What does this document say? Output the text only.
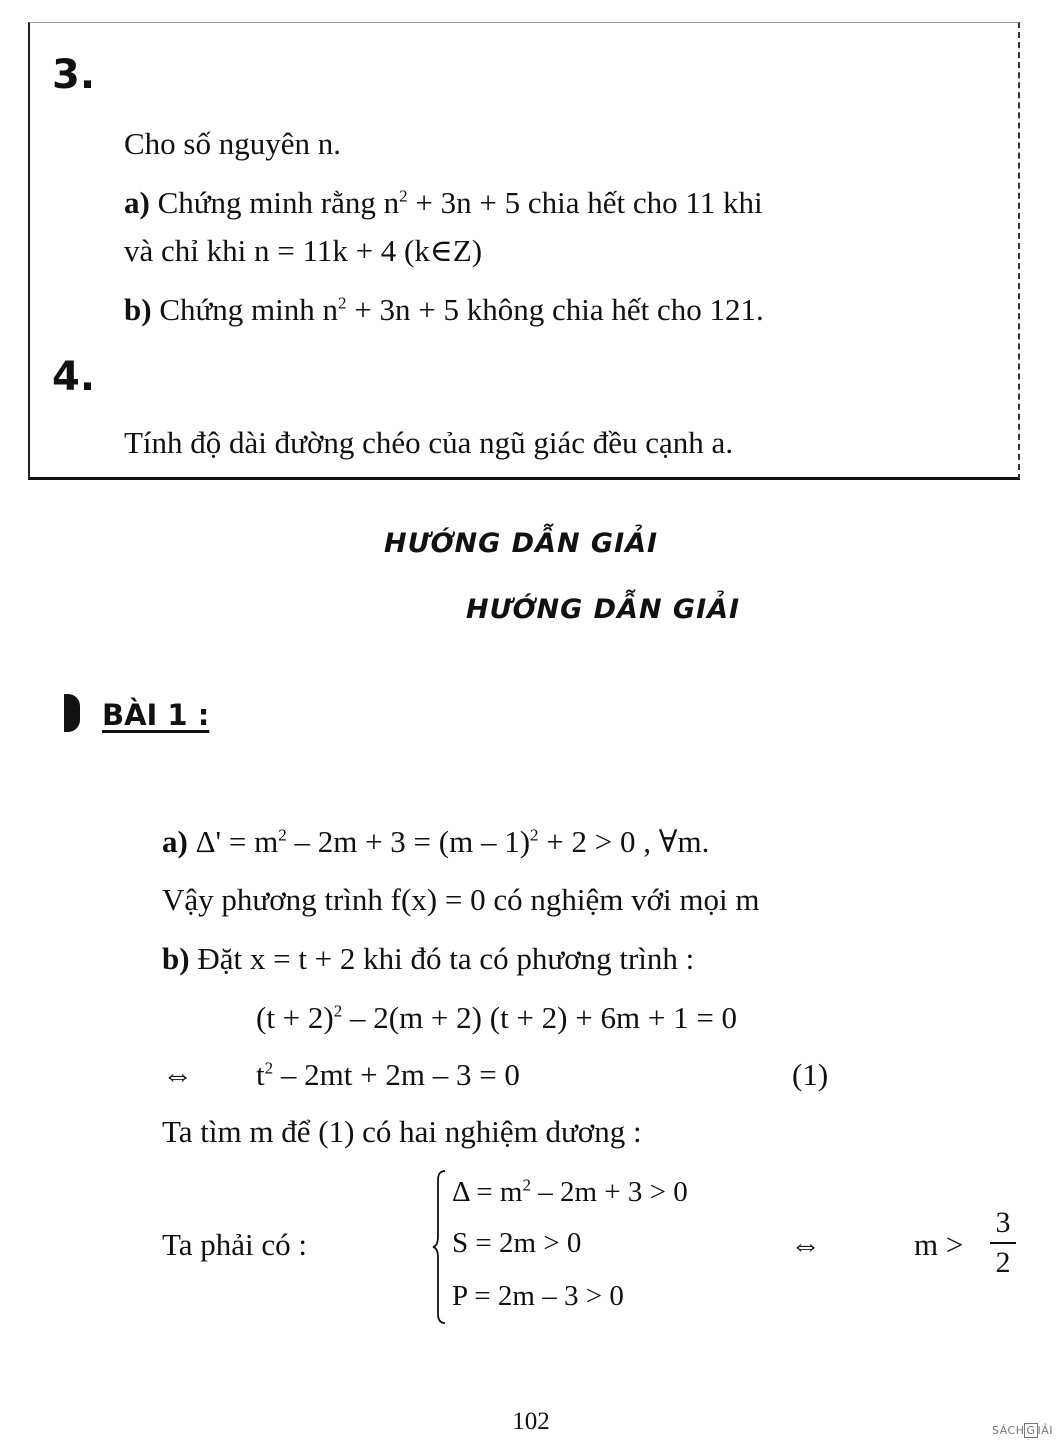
3.
Cho số nguyên n.
a) Chứng minh rằng $n^2 + 3n + 5$ chia hết cho 11 khi
và chỉ khi n = 11k + 4 (k∈Z)
b) Chứng minh $n^2 + 3n + 5$ không chia hết cho 121.
4.
Tính độ dài đường chéo của ngũ giác đều cạnh a.
HƯỚNG DẪN GIẢI
HƯỚNG DẪN GIẢI
BÀI 1 :
a) $\Delta' = m^2 - 2m + 3 = (m - 1)^2 + 2 > 0$ , ∀m.
Vậy phương trình f(x) = 0 có nghiệm với mọi m
b) Đặt x = t + 2 khi đó ta có phương trình :
$(t + 2)^2 - 2(m + 2)$ (t + 2) + 6m + 1 = 0
⇔ $t^2 - 2mt + 2m - 3 = 0$	(1)
Ta tìm m để (1) có hai nghiệm dương :
Ta phải có :
$\Delta = m^2 - 2m + 3 > 0$
S = 2m > 0
P = 2m – 3 > 0
⇔	m >
3
2
102	SÁCH G IẢI
